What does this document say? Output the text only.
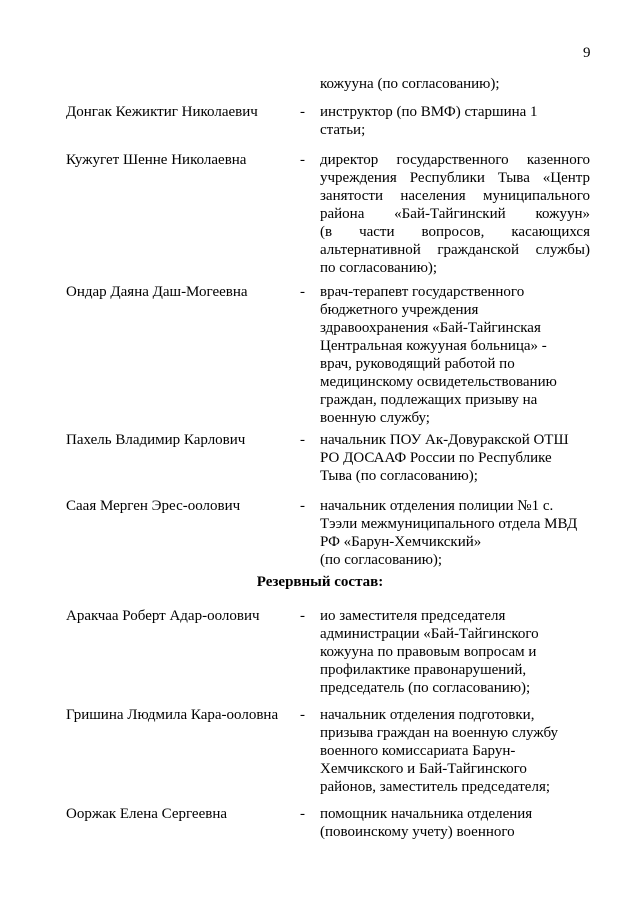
9
кожууна (по согласованию);
Донгак Кежиктиг Николаевич	- инструктор (по ВМФ) старшина 1
статьи;
Кужугет Шенне Николаевна	- директор государственного казенного
учреждения Республики Тыва «Центр
занятости населения муниципального
района «Бай-Тайгинский кожуун»
(в части вопросов, касающихся
альтернативной гражданской службы)
по согласованию);
Ондар Даяна Даш-Могеевна	- врач-терапевт государственного
бюджетного учреждения
здравоохранения «Бай-Тайгинская
Центральная кожууная больница» -
врач, руководящий работой по
медицинскому освидетельствованию
граждан, подлежащих призыву на
военную службу;
Пахель Владимир Карлович	- начальник ПОУ Ак-Довуракской ОТШ
РО ДОСААФ России по Республике
Тыва (по согласованию);
Саая Мерген Эрес-оолович	- начальник отделения полиции №1 с.
Тээли межмуниципального отдела МВД
РФ «Барун-Хемчикский»
(по согласованию);
Резервный состав:
Аракчаа Роберт Адар-оолович	- ио заместителя председателя
администрации «Бай-Тайгинского
кожууна по правовым вопросам и
профилактике правонарушений,
председатель (по согласованию);
Гришина Людмила Кара-ооловна - начальник отделения подготовки,
призыва граждан на военную службу
военного комиссариата Барун-
Хемчикского и Бай-Тайгинского
районов, заместитель председателя;
Ооржак Елена Сергеевна	- помощник начальника отделения
(повоинскому учету) военного
